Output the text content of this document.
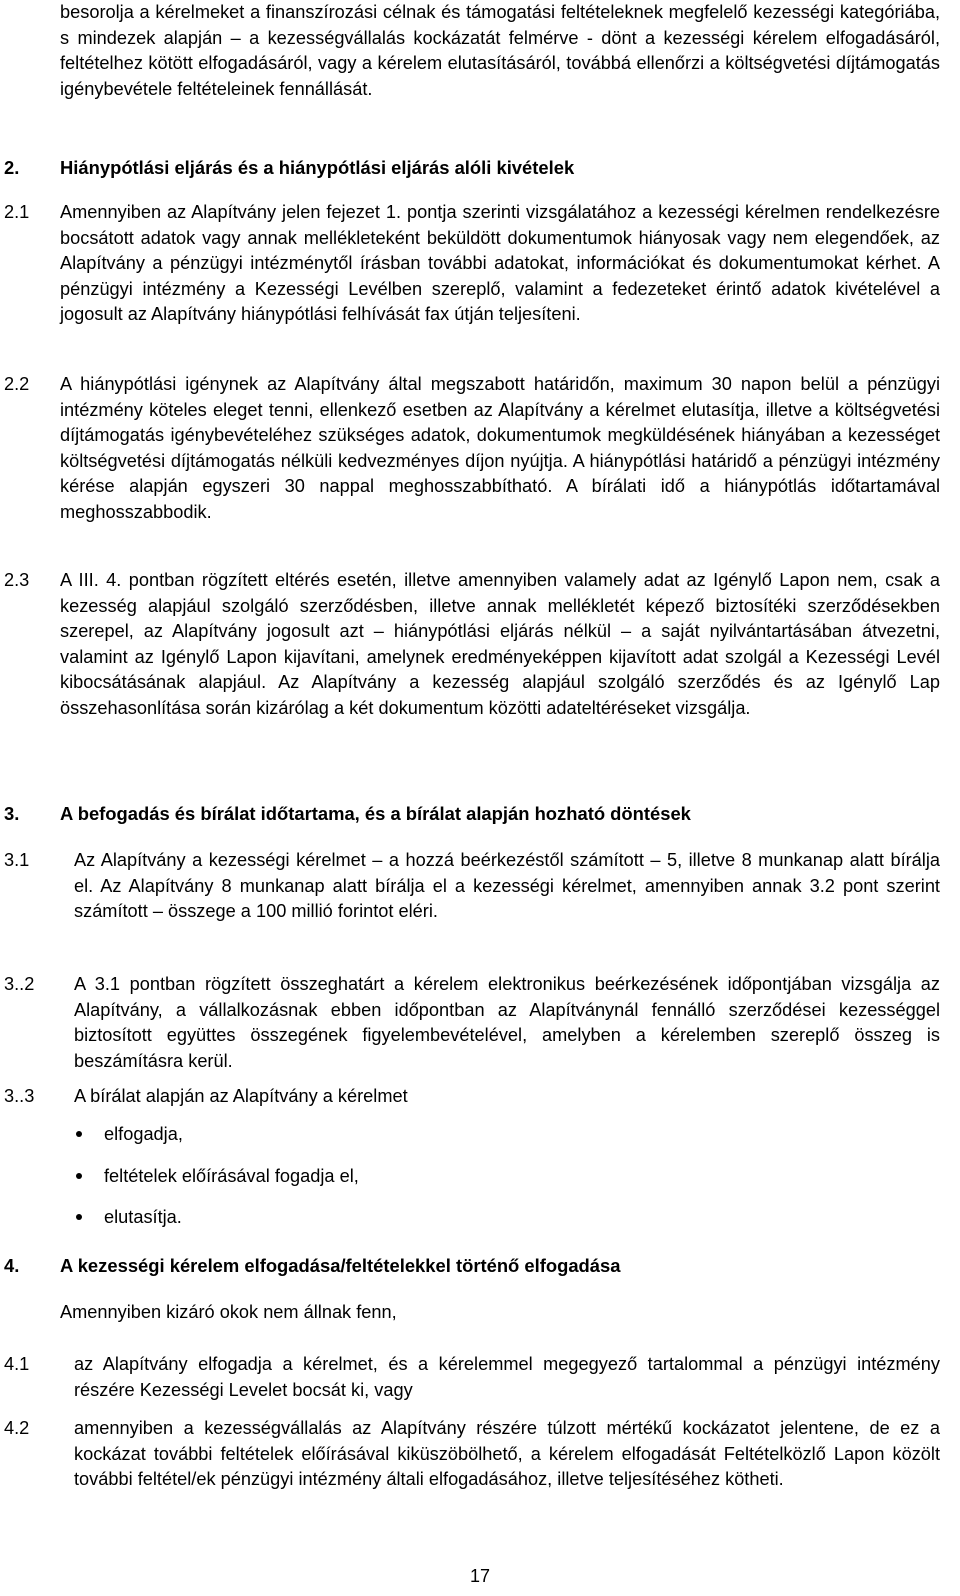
besorolja a kérelmeket a finanszírozási célnak és támogatási feltételeknek megfelelő kezességi kategóriába, s mindezek alapján – a kezességvállalás kockázatát felmérve - dönt a kezességi kérelem elfogadásáról, feltételhez kötött elfogadásáról, vagy a kérelem elutasításáról, továbbá ellenőrzi a költségvetési díjtámogatás igénybevétele feltételeinek fennállását.

2. Hiánypótlási eljárás és a hiánypótlási eljárás alóli kivételek
2.1 Amennyiben az Alapítvány jelen fejezet 1. pontja szerinti vizsgálatához a kezességi kérelmen rendelkezésre bocsátott adatok vagy annak mellékleteként beküldött dokumentumok hiányosak vagy nem elegendőek, az Alapítvány a pénzügyi intézménytől írásban további adatokat, információkat és dokumentumokat kérhet. A pénzügyi intézmény a Kezességi Levélben szereplő, valamint a fedezeteket érintő adatok kivételével a jogosult az Alapítvány hiánypótlási felhívását fax útján teljesíteni.

2.2 A hiánypótlási igénynek az Alapítvány által megszabott határidőn, maximum 30 napon belül a pénzügyi intézmény köteles eleget tenni, ellenkező esetben az Alapítvány a kérelmet elutasítja, illetve a költségvetési díjtámogatás igénybevételéhez szükséges adatok, dokumentumok megküldésének hiányában a kezességet költségvetési díjtámogatás nélküli kedvezményes díjon nyújtja. A hiánypótlási határidő a pénzügyi intézmény kérése alapján egyszeri 30 nappal meghosszabbítható. A bírálati idő a hiánypótlás időtartamával meghosszabbodik.

2.3 A III. 4. pontban rögzített eltérés esetén, illetve amennyiben valamely adat az Igénylő Lapon nem, csak a kezesség alapjául szolgáló szerződésben, illetve annak mellékletét képező biztosítéki szerződésekben szerepel, az Alapítvány jogosult azt – hiánypótlási eljárás nélkül – a saját nyilvántartásában átvezetni, valamint az Igénylő Lapon kijavítani, amelynek eredményeképpen kijavított adat szolgál a Kezességi Levél kibocsátásának alapjául. Az Alapítvány a kezesség alapjául szolgáló szerződés és az Igénylő Lap összehasonlítása során kizárólag a két dokumentum közötti adateltéréseket vizsgálja.

3. A befogadás és bírálat időtartama, és a bírálat alapján hozható döntések
3.1 Az Alapítvány a kezességi kérelmet – a hozzá beérkezéstől számított – 5, illetve 8 munkanap alatt bírálja el. Az Alapítvány 8 munkanap alatt bírálja el a kezességi kérelmet, amennyiben annak 3.2 pont szerint számított – összege a 100 millió forintot eléri.

3..2 A 3.1 pontban rögzített összeghatárt a kérelem elektronikus beérkezésének időpontjában vizsgálja az Alapítvány, a vállalkozásnak ebben időpontban az Alapítványnál fennálló szerződései kezességgel biztosított együttes összegének figyelembevételével, amelyben a kérelemben szereplő összeg is beszámításra kerül.

3..3 A bírálat alapján az Alapítvány a kérelmet

elfogadja,
feltételek előírásával fogadja el,
elutasítja.
4. A kezességi kérelem elfogadása/feltételekkel történő elfogadása
Amennyiben kizáró okok nem állnak fenn,
4.1 az Alapítvány elfogadja a kérelmet, és a kérelemmel megegyező tartalommal a pénzügyi intézmény részére Kezességi Levelet bocsát ki, vagy

4.2 amennyiben a kezességvállalás az Alapítvány részére túlzott mértékű kockázatot jelentene, de ez a kockázat további feltételek előírásával kiküszöbölhető, a kérelem elfogadását Feltételközlő Lapon közölt további feltétel/ek pénzügyi intézmény általi elfogadásához, illetve teljesítéséhez kötheti.

17
